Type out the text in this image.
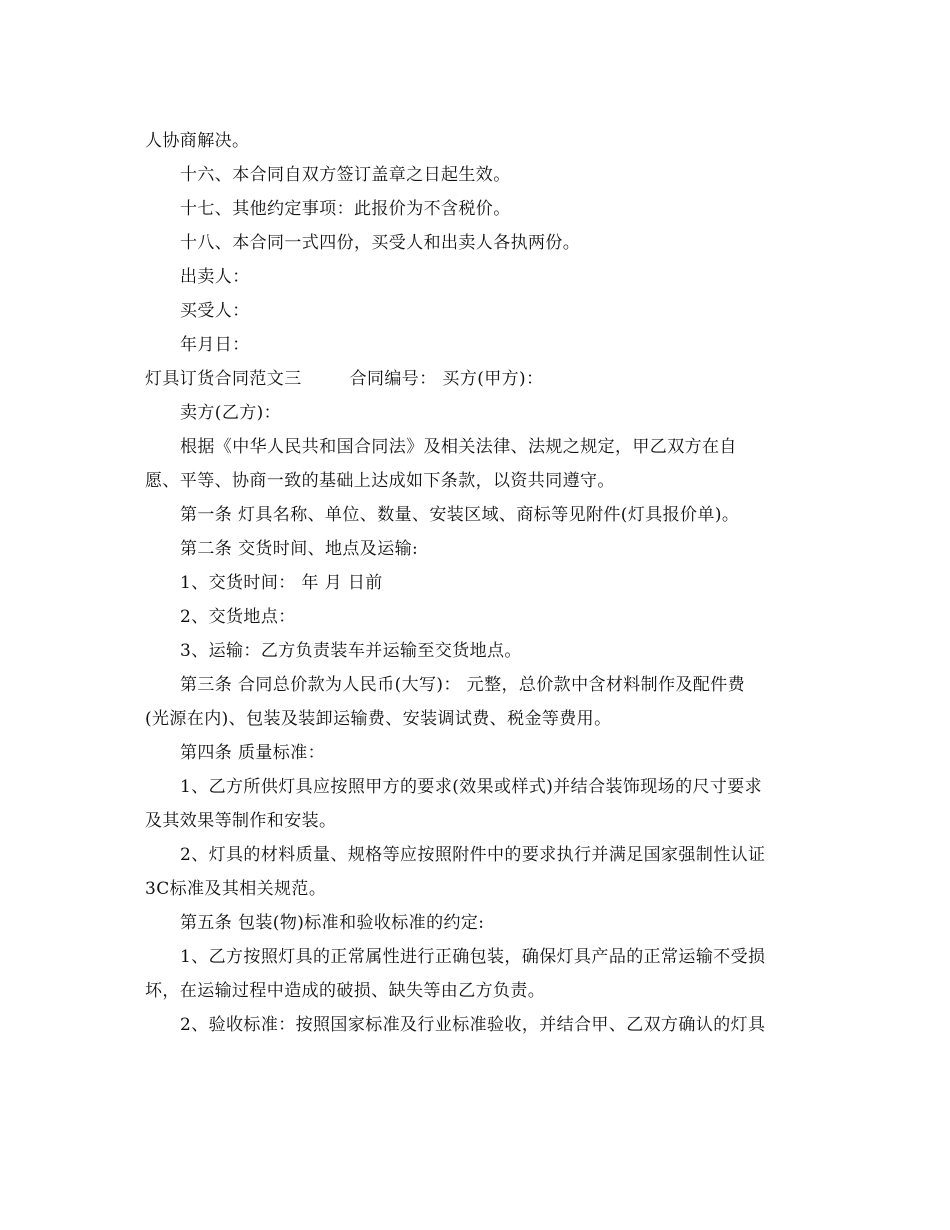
人协商解决。

十六、本合同自双方签订盖章之日起生效。

十七、其他约定事项：此报价为不含税价。

十八、本合同一式四份，买受人和出卖人各执两份。

出卖人：

买受人：

年月日：

灯具订货合同范文三	合同编号： 买方(甲方)：

卖方(乙方)：

根据《中华人民共和国合同法》及相关法律、法规之规定，甲乙双方在自
愿、平等、协商一致的基础上达成如下条款，以资共同遵守。

第一条 灯具名称、单位、数量、安装区域、商标等见附件(灯具报价单)。

第二条 交货时间、地点及运输:

1、交货时间： 年 月 日前

2、交货地点：

3、运输：乙方负责装车并运输至交货地点。

第三条 合同总价款为人民币(大写)： 元整，总价款中含材料制作及配件费
(光源在内)、包装及装卸运输费、安装调试费、税金等费用。

第四条 质量标准：

1、乙方所供灯具应按照甲方的要求(效果或样式)并结合装饰现场的尺寸要求
及其效果等制作和安装。

2、灯具的材料质量、规格等应按照附件中的要求执行并满足国家强制性认证
3C标准及其相关规范。

第五条 包装(物)标准和验收标准的约定:

1、乙方按照灯具的正常属性进行正确包装，确保灯具产品的正常运输不受损
坏，在运输过程中造成的破损、缺失等由乙方负责。

2、验收标准：按照国家标准及行业标准验收，并结合甲、乙双方确认的灯具
